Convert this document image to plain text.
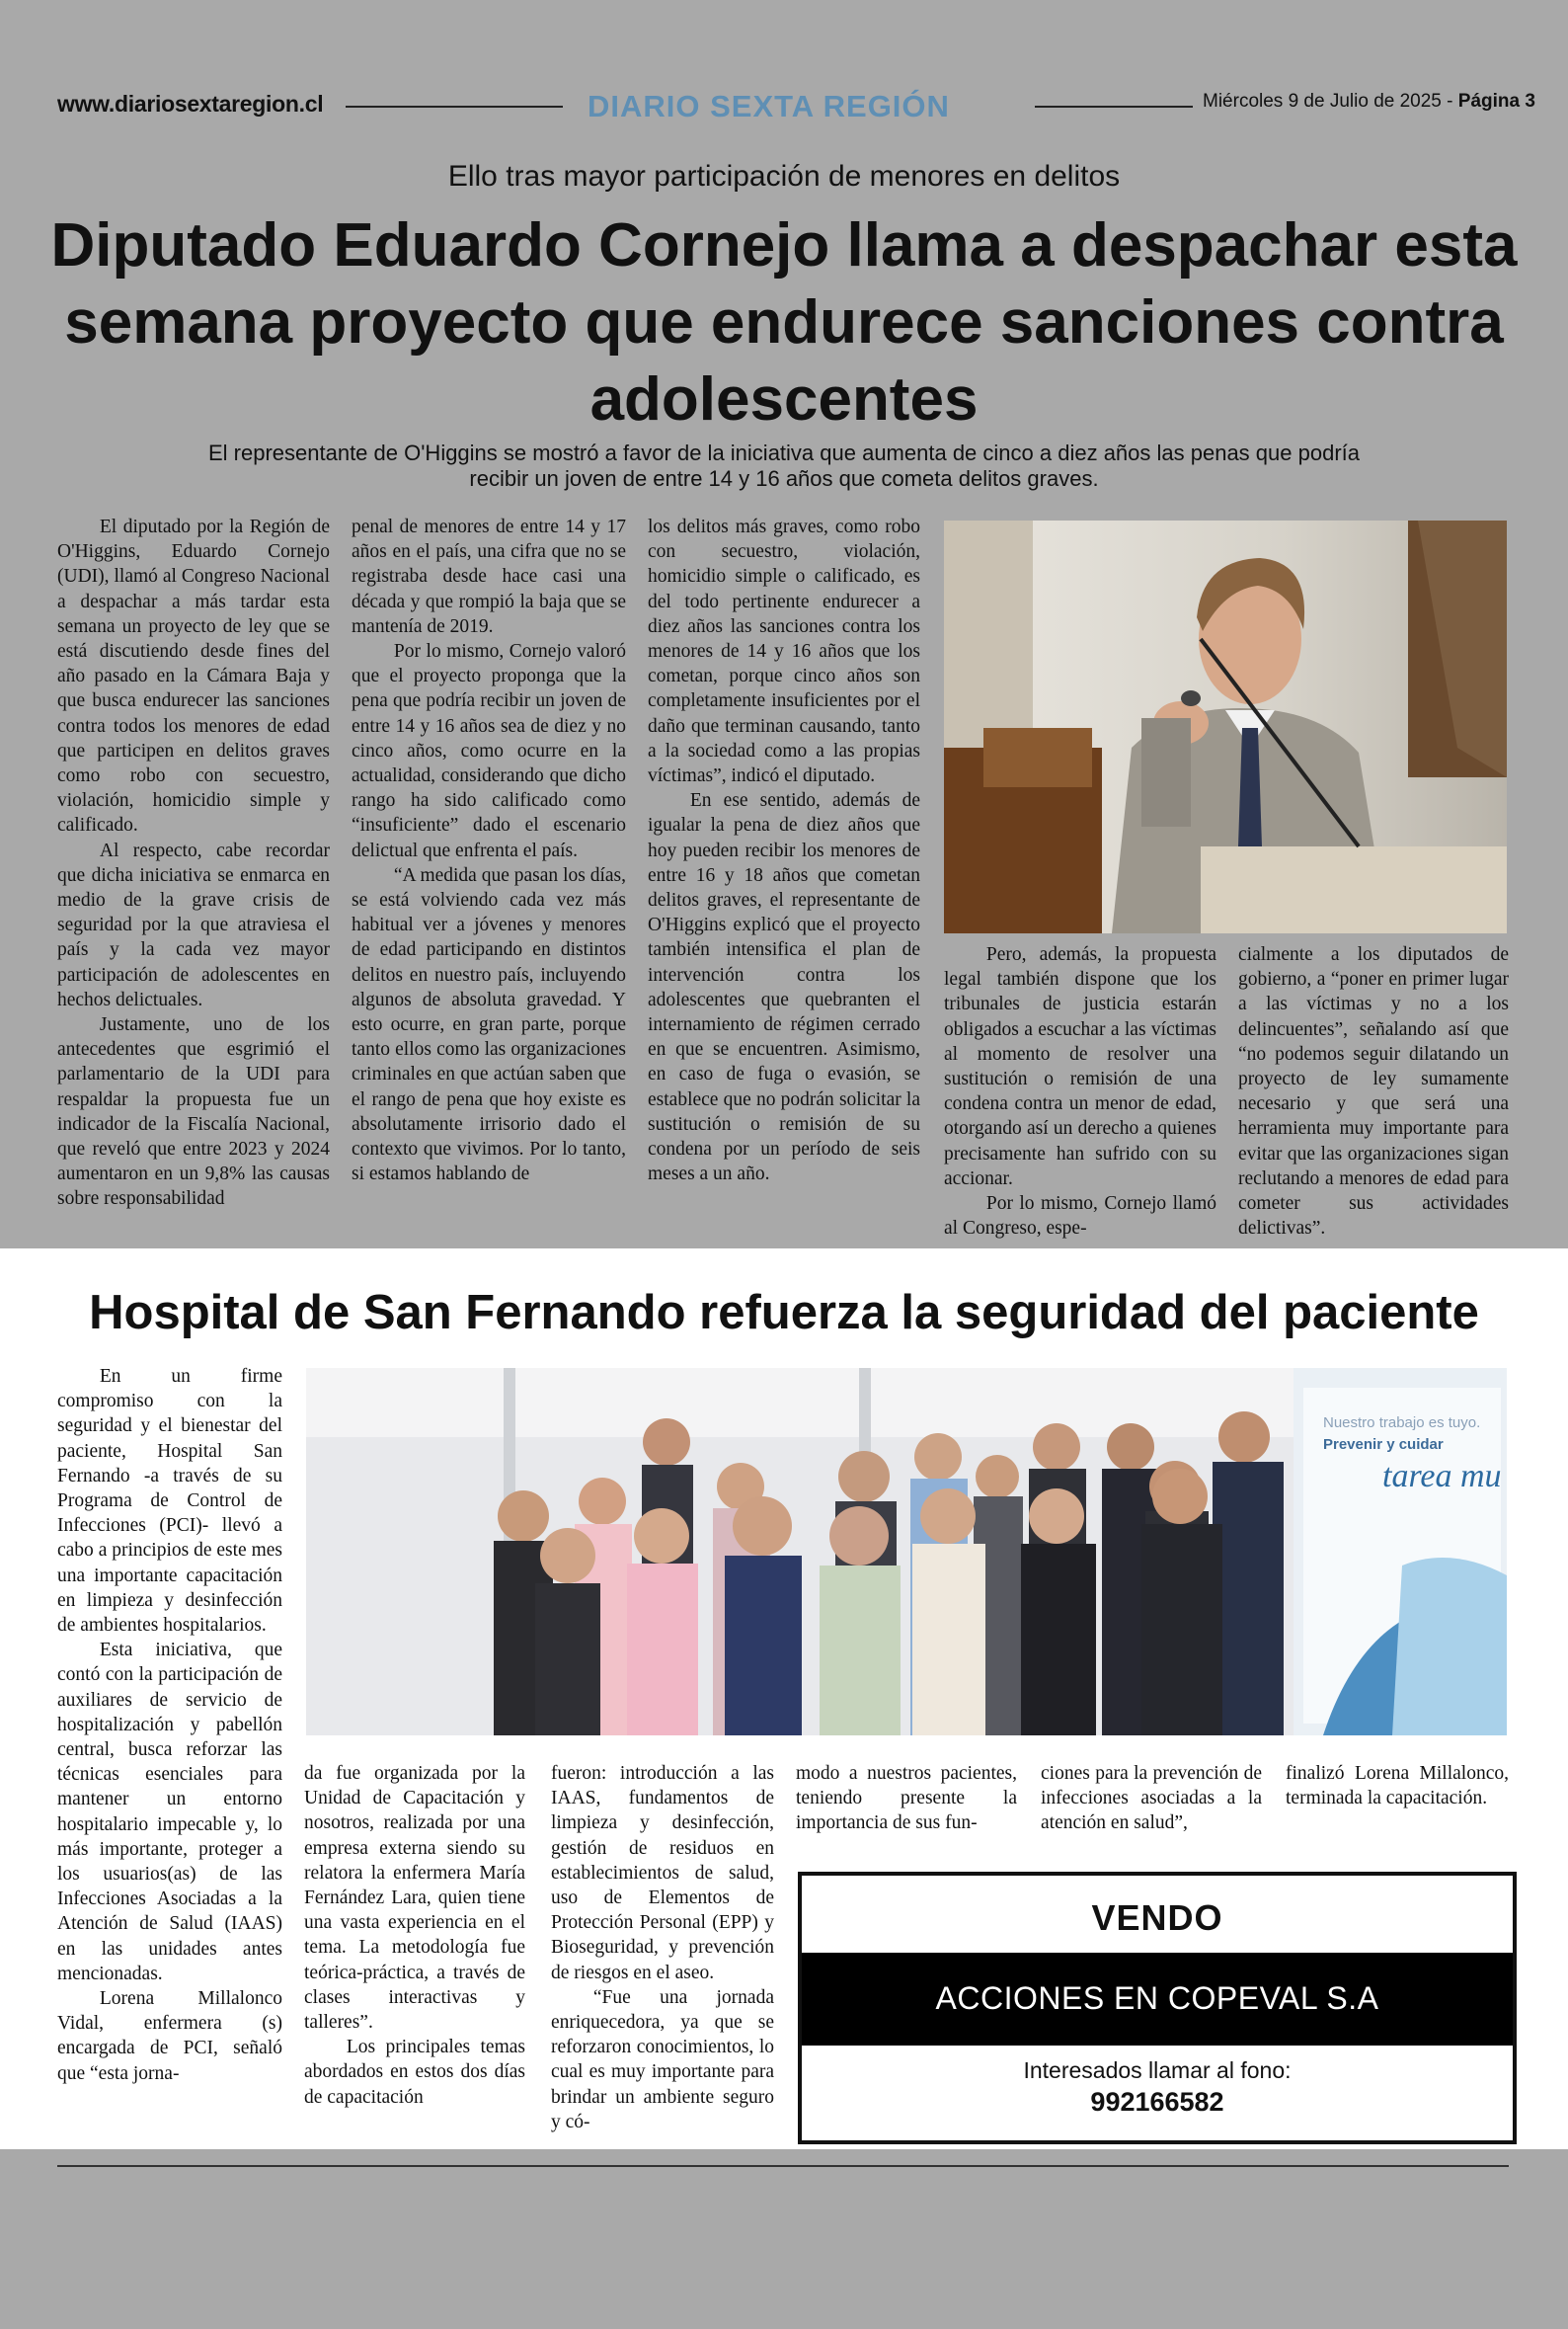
www.diariosextaregion.cl	DIARIO SEXTA REGIÓN	Miércoles 9 de Julio de 2025 - Página 3
Ello tras mayor participación de menores en delitos
Diputado Eduardo Cornejo llama a despachar esta semana proyecto que endurece sanciones contra adolescentes
El representante de O'Higgins se mostró a favor de la iniciativa que aumenta de cinco a diez años las penas que podría recibir un joven de entre 14 y 16 años que cometa delitos graves.

El diputado por la Región de O'Higgins, Eduardo Cornejo (UDI), llamó al Congreso Nacional a despachar a más tardar esta semana un proyecto de ley que se está discutiendo desde fines del año pasado en la Cámara Baja y que busca endurecer las sanciones contra todos los menores de edad que participen en delitos graves como robo con secuestro, violación, homicidio simple y calificado.

Al respecto, cabe recordar que dicha iniciativa se enmarca en medio de la grave crisis de seguridad por la que atraviesa el país y la cada vez mayor participación de adolescentes en hechos delictuales.

Justamente, uno de los antecedentes que esgrimió el parlamentario de la UDI para respaldar la propuesta fue un indicador de la Fiscalía Nacional, que reveló que entre 2023 y 2024 aumentaron en un 9,8% las causas sobre responsabilidad

penal de menores de entre 14 y 17 años en el país, una cifra que no se registraba desde hace casi una década y que rompió la baja que se mantenía de 2019.

Por lo mismo, Cornejo valoró que el proyecto proponga que la pena que podría recibir un joven de entre 14 y 16 años sea de diez y no cinco años, como ocurre en la actualidad, considerando que dicho rango ha sido calificado como “insuficiente” dado el escenario delictual que enfrenta el país.

“A medida que pasan los días, se está volviendo cada vez más habitual ver a jóvenes y menores de edad participando en distintos delitos en nuestro país, incluyendo algunos de absoluta gravedad. Y esto ocurre, en gran parte, porque tanto ellos como las organizaciones criminales en que actúan saben que el rango de pena que hoy existe es absolutamente irrisorio dado el contexto que vivimos. Por lo tanto, si estamos hablando de

los delitos más graves, como robo con secuestro, violación, homicidio simple o calificado, es del todo pertinente endurecer a diez años las sanciones contra los menores de 14 y 16 años que los cometan, porque cinco años son completamente insuficientes por el daño que terminan causando, tanto a la sociedad como a las propias víctimas”, indicó el diputado.

En ese sentido, además de igualar la pena de diez años que hoy pueden recibir los menores de entre 16 y 18 años que cometan delitos graves, el representante de O'Higgins explicó que el proyecto también intensifica el plan de intervención contra los adolescentes que quebranten el internamiento de régimen cerrado en que se encuentren. Asimismo, en caso de fuga o evasión, se establece que no podrán solicitar la sustitución o remisión de su condena por un período de seis meses a un año.

Pero, además, la propuesta legal también dispone que los tribunales de justicia estarán obligados a escuchar a las víctimas al momento de resolver una sustitución o remisión de una condena contra un menor de edad, otorgando así un derecho a quienes precisamente han sufrido con su accionar.

Por lo mismo, Cornejo llamó al Congreso, espe-

cialmente a los diputados de gobierno, a “poner en primer lugar a las víctimas y no a los delincuentes”, señalando así que “no podemos seguir dilatando un proyecto de ley sumamente necesario y que será una herramienta muy importante para evitar que las organizaciones sigan reclutando a menores de edad para cometer sus actividades delictivas”.

Hospital de San Fernando refuerza la seguridad del paciente

En un firme compromiso con la seguridad y el bienestar del paciente, Hospital San Fernando -a través de su Programa de Control de Infecciones (PCI)- llevó a cabo a principios de este mes una importante capacitación en limpieza y desinfección de ambientes hospitalarios.

Esta iniciativa, que contó con la participación de auxiliares de servicio de hospitalización y pabellón central, busca reforzar las técnicas esenciales para mantener un entorno hospitalario impecable y, lo más importante, proteger a los usuarios(as) de las Infecciones Asociadas a la Atención de Salud (IAAS) en las unidades antes mencionadas.

Lorena Millalonco Vidal, enfermera (s) encargada de PCI, señaló que “esta jorna-

Nuestro trabajo es tuyo.
Prevenir y cuidar
tarea mu

da fue organizada por la Unidad de Capacitación y nosotros, realizada por una empresa externa siendo su relatora la enfermera María Fernández Lara, quien tiene una vasta experiencia en el tema. La metodología fue teórica-práctica, a través de clases interactivas y talleres”.

Los principales temas abordados en estos dos días de capacitación

fueron: introducción a las IAAS, fundamentos de limpieza y desinfección, gestión de residuos en establecimientos de salud, uso de Elementos de Protección Personal (EPP) y Bioseguridad, y prevención de riesgos en el aseo.

“Fue una jornada enriquecedora, ya que se reforzaron conocimientos, lo cual es muy importante para brindar un ambiente seguro y có-

modo a nuestros pacientes, teniendo presente la importancia de sus fun-

ciones para la prevención de infecciones asociadas a la atención en salud”,

finalizó Lorena Millalonco, terminada la capacitación.

VENDO
ACCIONES EN COPEVAL S.A
Interesados llamar al fono:
992166582
